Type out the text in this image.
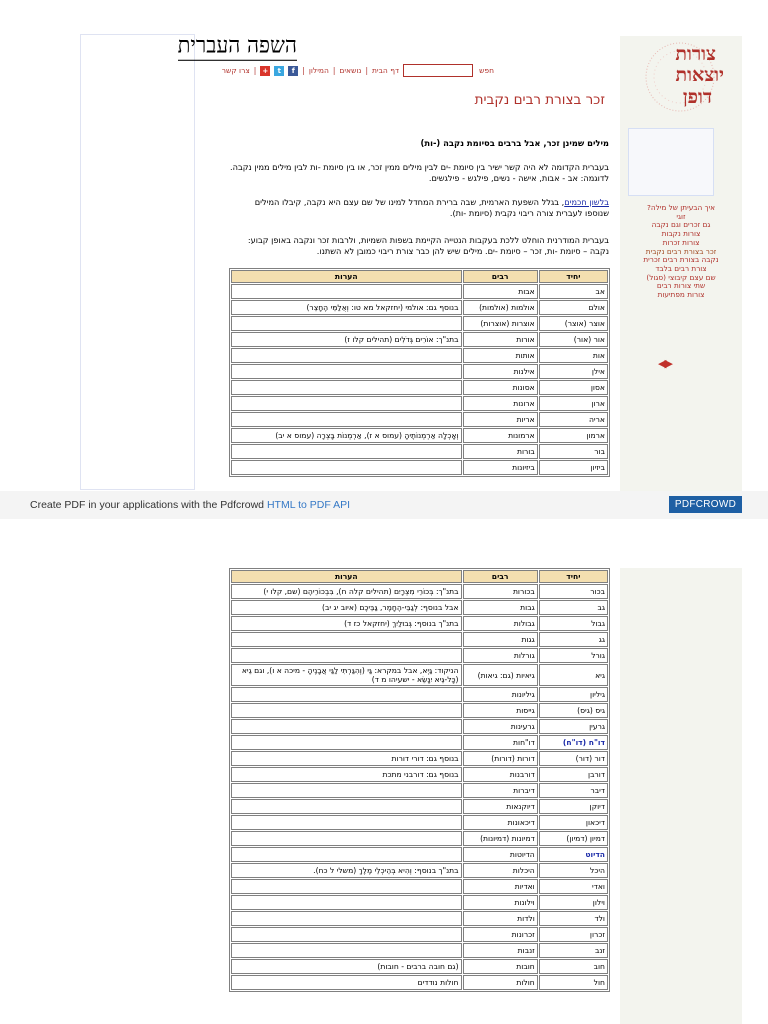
צורות
יוצאות
דופן
איך הבעיתן של מילה?
זוגי
גם זכרים וגם נקבה
צורות נקבות
צורות זכרות
זכר בצורת רבים נקבית
נקבה בצורת רבים זכרית
צורת רבים בלבד
שם עצם קיבוצי (סגול)
שתי צורות רבים
צורות מפתיעות
◀▶
השפה העברית
חפש
דף הבית
|
נושאים
|
המילון
|
f
t
+
|
צרו קשר
זכר בצורת רבים נקבית
מילים שמינן זכר, אבל ברבים בסיומת נקבה (-ות)
בעברית הקדומה לא היה קשר ישיר בין סיומת -ים לבין מילים ממין זכר, או בין סיומת -ות לבין מילים ממין נקבה. לדוגמה: אב - אבות, אישה - נשים, פילגש - פילגשים.
בלשון חכמים, בגלל השפעת הארמית, שבה ברירת המחדל למינו של שם עצם היא נקבה, קיבלו המילים שנוספו לעברית צורה ריבוי נקבית (סיומת -ות).
בעברית המודרנית הוחלט ללכת בעקבות הנטייה הקיימת בשפות השמיות, ולרבות זכר ונקבה באופן קבוע: נקבה – סיומת -ות, זכר – סיומת -ים. מילים שיש להן כבר צורת ריבוי כמובן לא השתנו.
יחיד	רבים	הערות
אב	אבות	
אולם	אולמות (אולמות)	בנוסף גם: אולמי (יחזקאל מא טו: וְאֻלַמֵּי הֶחָצֵר)
אוצר (אוצר)	אוצרות (אוצרות)	
אור (אור)	אורות	בתנ"ך: אוֹרִים גְּדֹלִים (תהילים קלו ז)
אות	אותות	
אילן	אילנות	
אסון	אסונות	
ארון	ארונות	
אריה	אריות	
ארמון	ארמונות	וְאָכְלָה אַרְמְנוֹתֶיהָ (עמוס א ז), אַרְמְנוֹת בָּצְרָה (עמוס א יב)
בור	בורות	
ביזיון	ביזיונות	
Create PDF in your applications with the Pdfcrowd HTML to PDF API	PDFCROWD
יחיד	רבים	הערות
בכור	בכורות	בתנ"ך: בְּכוֹרֵי מִצְרָיִם (תהילים קלה ח), בִּבְכוֹרֵיהֶם (שם, קלו י)
גב	גבות	אבל בנוסף: לְגַבֵּי-הֶחָמֶר, גַּבֵּיכֶם (איוב יג יב)
גבול	גבולות	בתנ"ך בנוסף: גְּבוּלַיִךְ (יחזקאל כז ד)
גג	גגות	
גורל	גורלות	
גיא	גיאיות (גם: גיאות)	הניקוד: גַּיְא, אבל במקרא: גַּי (וְהִגַּרְתִּי לַגַּי אֲבָנֶיהָ - מיכה א ו), וגם גֵיא (כָּל-גֵּיא יִנָּשֵׂא - ישעיהו מ ד)
גיליון	גיליונות	
גיס (גיס)	גייסות	
גרעין	גרעינות	
דו"ח (דו"ח)	דו"חות	
דור (דור)	דורות (דורות)	בנוסף גם: דורי דורות
דורבן	דורבנות	בנוסף גם: דורבני מתכת
דיבר	דיברות	
דיוקן	דיוקנאות	
דיכאון	דיכאונות	
דמיון (דמיון)	דמיונות (דמיונות)	
הדיוט	הדיוטות	
היכל	היכלות	בתנ"ך בנוסף: וְהִיא בְּהֵיכְלֵי מֶלֶךְ (משלי ל כח).
ואדי	ואדיות	
וילון	וילונות	
ולד	ולדות	
זכרון	זכרונות	
זנב	זנבות	
חוב	חובות	(גם חובה ברבים - חובות)
חול	חולות	חולות נודדים
